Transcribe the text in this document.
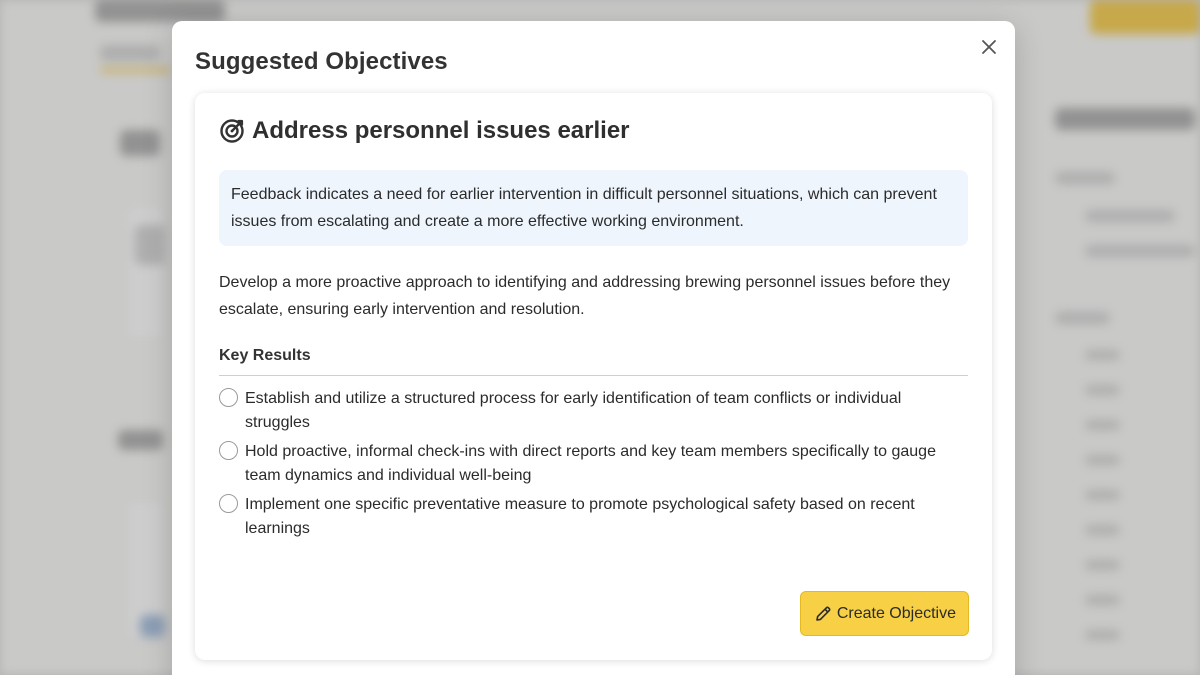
Suggested Objectives
Address personnel issues earlier
Feedback indicates a need for earlier intervention in difficult personnel situations, which can prevent issues from escalating and create a more effective working environment.

Develop a more proactive approach to identifying and addressing brewing personnel issues before they escalate, ensuring early intervention and resolution.

Key Results
Establish and utilize a structured process for early identification of team conflicts or individual struggles
Hold proactive, informal check-ins with direct reports and key team members specifically to gauge team dynamics and individual well-being
Implement one specific preventative measure to promote psychological safety based on recent learnings
Create Objective
